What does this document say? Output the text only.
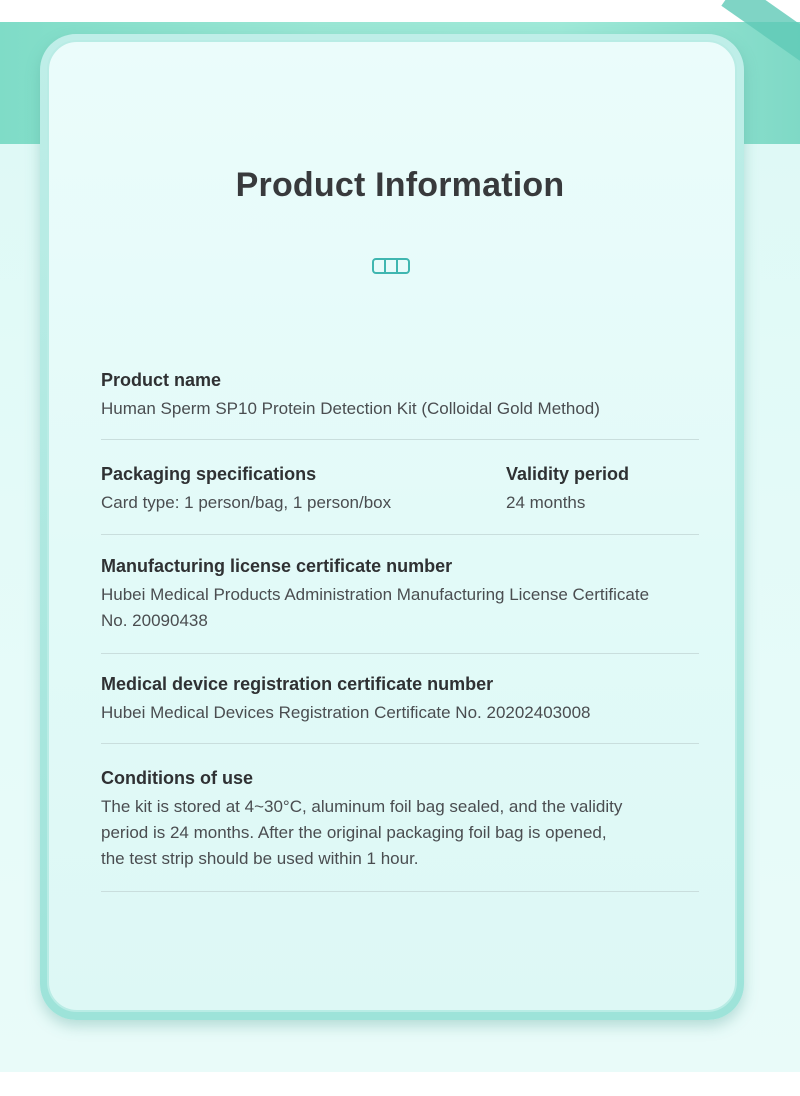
Product Information
Product name
Human Sperm SP10 Protein Detection Kit (Colloidal Gold Method)
Packaging specifications
Card type: 1 person/bag, 1 person/box
Validity period
24 months
Manufacturing license certificate number
Hubei Medical Products Administration Manufacturing License Certificate
No. 20090438
Medical device registration certificate number
Hubei Medical Devices Registration Certificate No. 20202403008
Conditions of use
The kit is stored at 4~30°C, aluminum foil bag sealed, and the validity
period is 24 months. After the original packaging foil bag is opened,
the test strip should be used within 1 hour.
